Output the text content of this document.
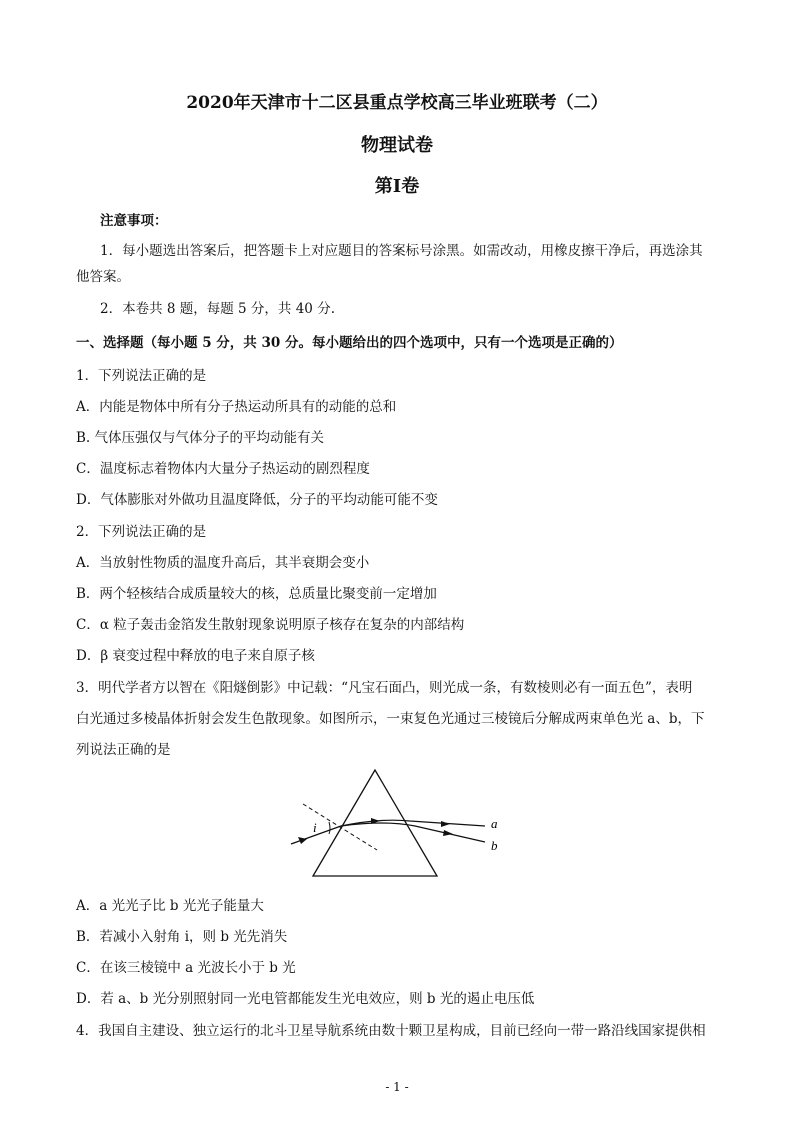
2020年天津市十二区县重点学校高三毕业班联考（二）
物理试卷
第Ⅰ卷
注意事项：
1．每小题选出答案后，把答题卡上对应题目的答案标号涂黑。如需改动，用橡皮擦干净后，再选涂其
他答案。
2．本卷共 8 题，每题 5 分，共 40 分.
一、选择题（每小题 5 分，共 30 分。每小题给出的四个选项中，只有一个选项是正确的）
1．下列说法正确的是
A．内能是物体中所有分子热运动所具有的动能的总和
B. 气体压强仅与气体分子的平均动能有关
C．温度标志着物体内大量分子热运动的剧烈程度
D．气体膨胀对外做功且温度降低，分子的平均动能可能不变
2．下列说法正确的是
A．当放射性物质的温度升高后，其半衰期会变小
B．两个轻核结合成质量较大的核，总质量比聚变前一定增加
C．α 粒子轰击金箔发生散射现象说明原子核存在复杂的内部结构
D．β 衰变过程中释放的电子来自原子核
3．明代学者方以智在《阳燧倒影》中记载：“凡宝石面凸，则光成一条，有数棱则必有一面五色”，表明
白光通过多棱晶体折射会发生色散现象。如图所示，一束复色光通过三棱镜后分解成两束单色光 a、b，下
列说法正确的是
i	a
b
A．a 光光子比 b 光光子能量大
B．若减小入射角 i，则 b 光先消失
C．在该三棱镜中 a 光波长小于 b 光
D．若 a、b 光分别照射同一光电管都能发生光电效应，则 b 光的遏止电压低
4．我国自主建设、独立运行的北斗卫星导航系统由数十颗卫星构成，目前已经向一带一路沿线国家提供相
- 1 -
